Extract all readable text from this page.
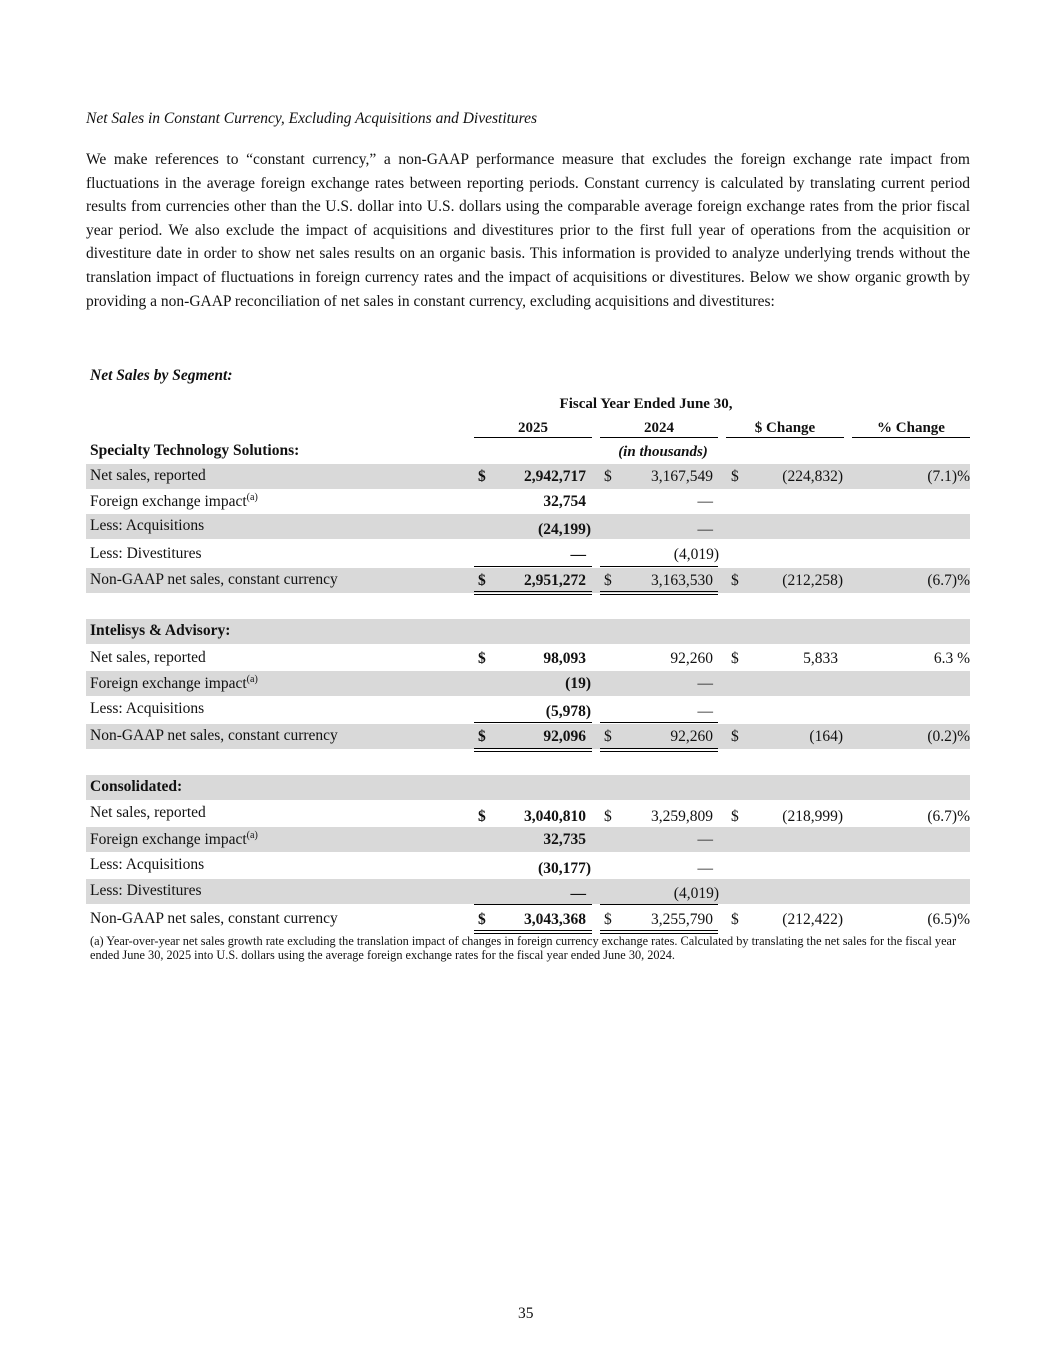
Net Sales in Constant Currency, Excluding Acquisitions and Divestitures
We make references to “constant currency,” a non-GAAP performance measure that excludes the foreign exchange rate impact from fluctuations in the average foreign exchange rates between reporting periods. Constant currency is calculated by translating current period results from currencies other than the U.S. dollar into U.S. dollars using the comparable average foreign exchange rates from the prior fiscal year period. We also exclude the impact of acquisitions and divestitures prior to the first full year of operations from the acquisition or divestiture date in order to show net sales results on an organic basis. This information is provided to analyze underlying trends without the translation impact of fluctuations in foreign currency rates and the impact of acquisitions or divestitures. Below we show organic growth by providing a non-GAAP reconciliation of net sales in constant currency, excluding acquisitions and divestitures:
Net Sales by Segment:
Fiscal Year Ended June 30,
2025	2024	$ Change	% Change
(in thousands)
Specialty Technology Solutions:
Net sales, reported	$ 2,942,717 $	3,167,549 $	(224,832)	(7.1)%
Foreign exchange impact$^{(a)}$	32,754	—
Less: Acquisitions	(24,199)	—
Less: Divestitures	—	(4,019)
Non-GAAP net sales, constant currency	$ 2,951,272 $	3,163,530 $	(212,258)	(6.7)%
Intelisys & Advisory:
Net sales, reported	$	98,093	92,260 $	5,833	6.3 %
Foreign exchange impact$^{(a)}$	(19)	—
Less: Acquisitions	(5,978)	—
Non-GAAP net sales, constant currency	$	92,096 $	92,260 $	(164)	(0.2)%
Consolidated:
Net sales, reported	$ 3,040,810 $	3,259,809 $	(218,999)	(6.7)%
Foreign exchange impact$^{(a)}$	32,735	—
Less: Acquisitions	(30,177)	—
Less: Divestitures	—	(4,019)
Non-GAAP net sales, constant currency	$ 3,043,368 $	3,255,790 $	(212,422)	(6.5)%
(a) Year-over-year net sales growth rate excluding the translation impact of changes in foreign currency exchange rates. Calculated by translating the net sales for the fiscal year ended June 30, 2025 into U.S. dollars using the average foreign exchange rates for the fiscal year ended June 30, 2024.
35
